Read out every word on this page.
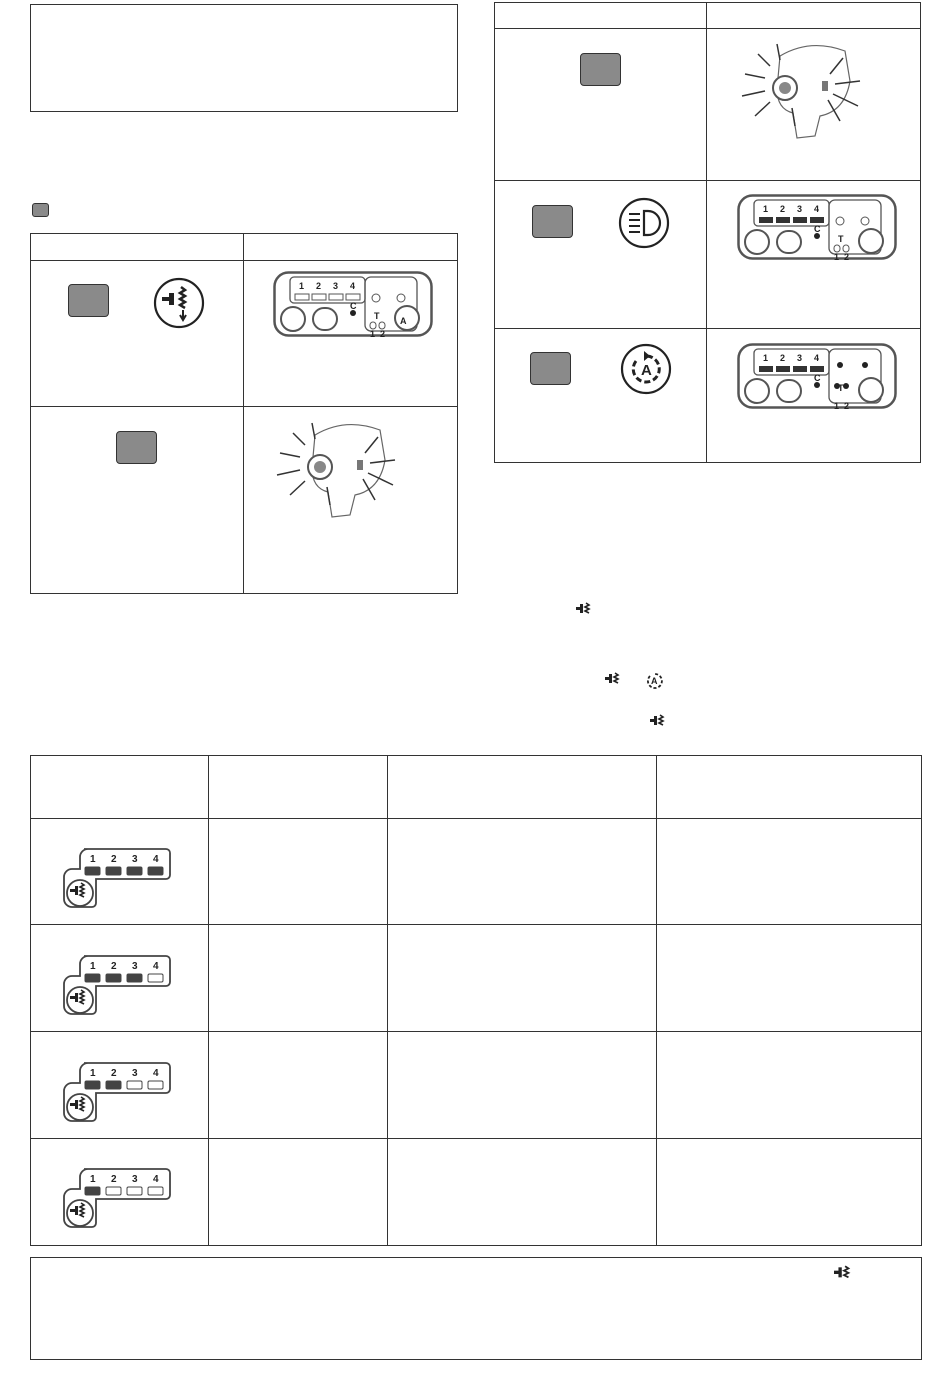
A
1 2 3 4
C
T
1 2
1 2 3 4
C
T
1 2
A
1 2 3 4
C
T
1 2
A
1 2 3 4
1 2 3 4
1 2 3 4
1 2 3 4
